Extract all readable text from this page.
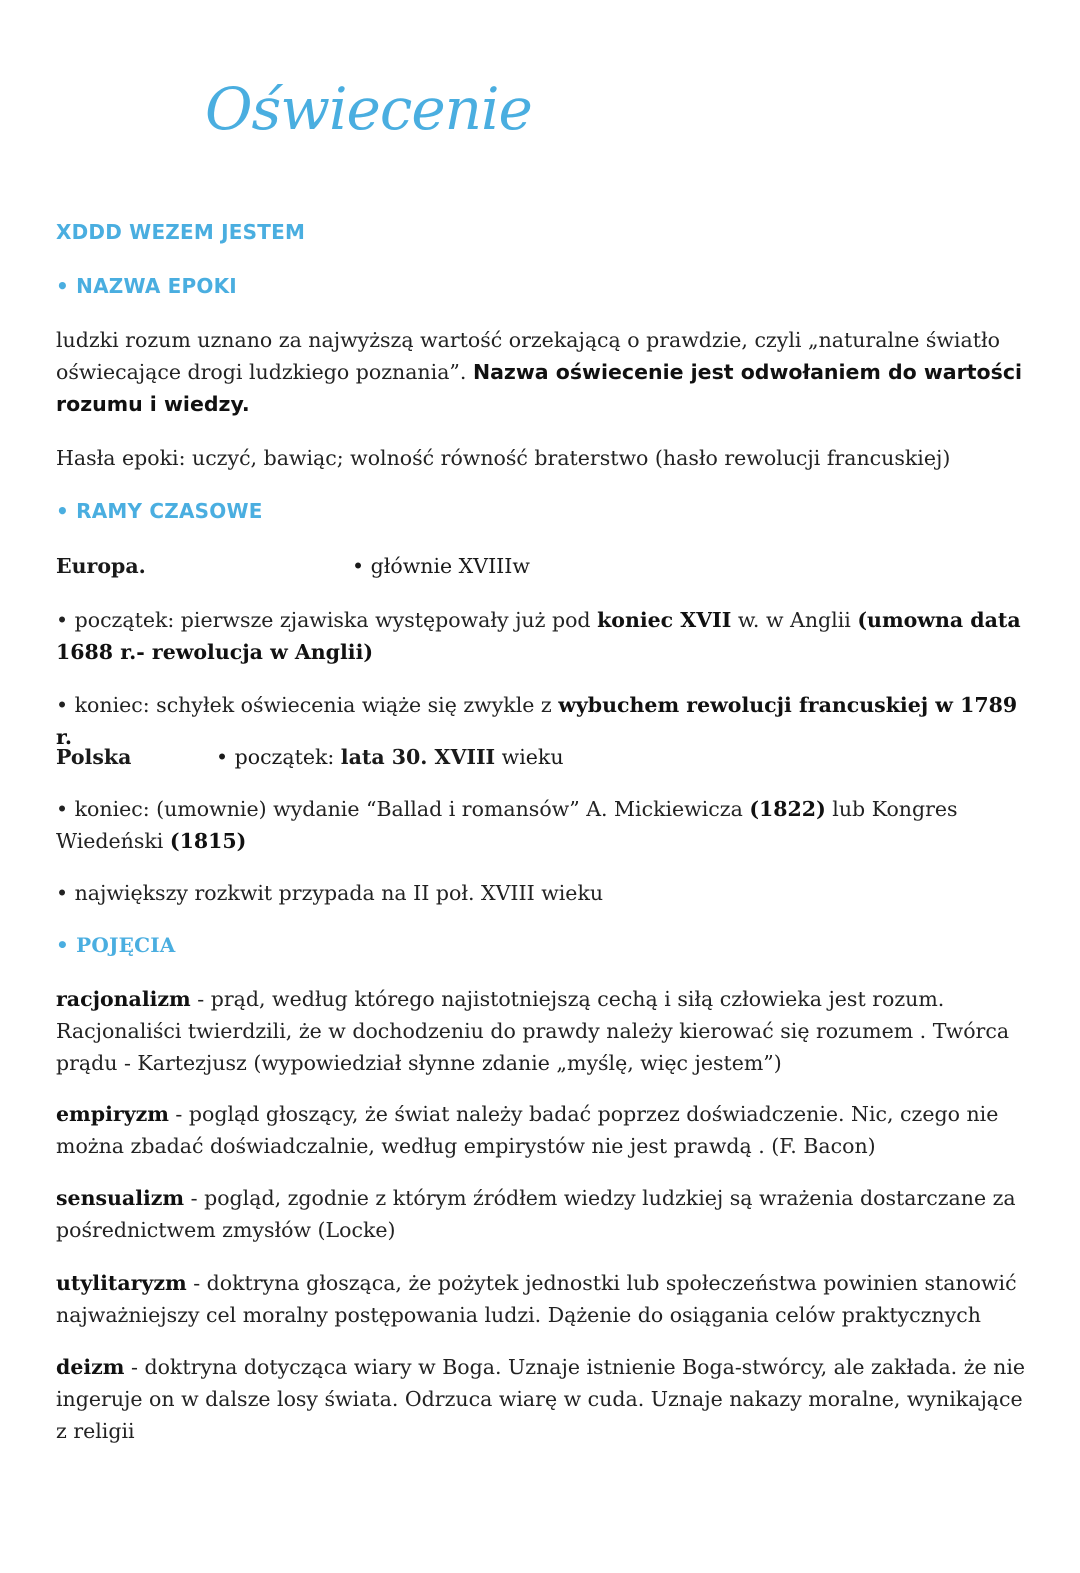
Oświecenie
XDDD WEZEM JESTEM
• NAZWA EPOKI
ludzki rozum uznano za najwyższą wartość orzekającą o prawdzie, czyli „naturalne światło oświecające drogi ludzkiego poznania”. Nazwa oświecenie jest odwołaniem do wartości rozumu i wiedzy.
Hasła epoki: uczyć, bawiąc; wolność równość braterstwo (hasło rewolucji francuskiej)
• RAMY CZASOWE
Europa.	• głównie XVIIIw
• początek: pierwsze zjawiska występowały już pod koniec XVII w. w Anglii (umowna data 1688 r.- rewolucja w Anglii)
• koniec: schyłek oświecenia wiąże się zwykle z wybuchem rewolucji francuskiej w 1789 r.
Polska	• początek: lata 30. XVIII wieku
• koniec: (umownie) wydanie “Ballad i romansów” A. Mickiewicza (1822) lub Kongres Wiedeński (1815)
• największy rozkwit przypada na II poł. XVIII wieku
• POJĘCIA
racjonalizm - prąd, według którego najistotniejszą cechą i siłą człowieka jest rozum. Racjonaliści twierdzili, że w dochodzeniu do prawdy należy kierować się rozumem . Twórca prądu - Kartezjusz (wypowiedział słynne zdanie „myślę, więc jestem”)
empiryzm - pogląd głoszący, że świat należy badać poprzez doświadczenie. Nic, czego nie można zbadać doświadczalnie, według empirystów nie jest prawdą . (F. Bacon)
sensualizm - pogląd, zgodnie z którym źródłem wiedzy ludzkiej są wrażenia dostarczane za pośrednictwem zmysłów (Locke)
utylitaryzm - doktryna głosząca, że pożytek jednostki lub społeczeństwa powinien stanowić najważniejszy cel moralny postępowania ludzi. Dążenie do osiągania celów praktycznych
deizm - doktryna dotycząca wiary w Boga. Uznaje istnienie Boga-stwórcy, ale zakłada. że nie ingeruje on w dalsze losy świata. Odrzuca wiarę w cuda. Uznaje nakazy moralne, wynikające z religii
